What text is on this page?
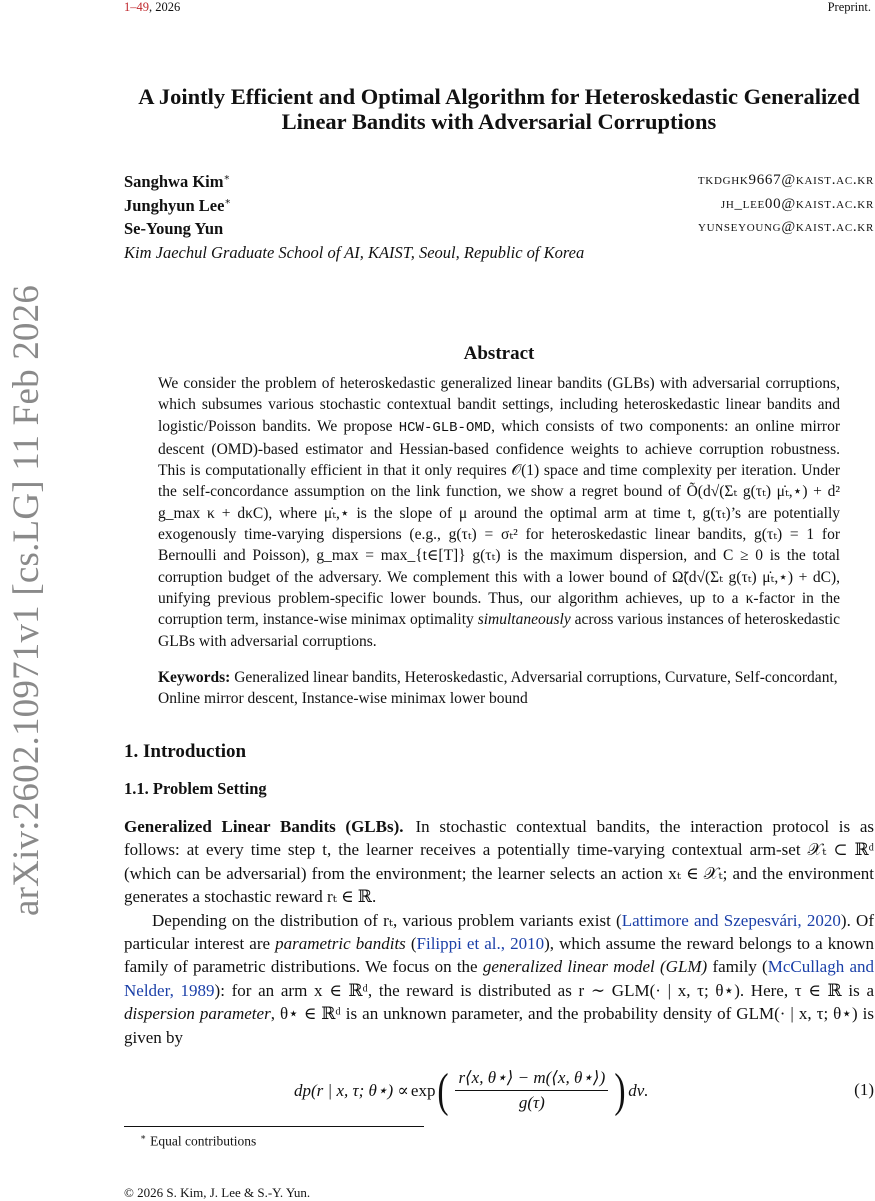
1–49, 2026	Preprint.
arXiv:2602.10971v1 [cs.LG] 11 Feb 2026
A Jointly Efficient and Optimal Algorithm for Heteroskedastic Generalized Linear Bandits with Adversarial Corruptions
Sanghwa Kim∗	tkdghk9667@kaist.ac.kr
Junghyun Lee∗	jh_lee00@kaist.ac.kr
Se-Young Yun	yunseyoung@kaist.ac.kr
Kim Jaechul Graduate School of AI, KAIST, Seoul, Republic of Korea
Abstract
We consider the problem of heteroskedastic generalized linear bandits (GLBs) with adversarial corruptions, which subsumes various stochastic contextual bandit settings, including heteroskedastic linear bandits and logistic/Poisson bandits. We propose HCW-GLB-OMD, which consists of two components: an online mirror descent (OMD)-based estimator and Hessian-based confidence weights to achieve corruption robustness. This is computationally efficient in that it only requires 𝒪(1) space and time complexity per iteration. Under the self-concordance assumption on the link function, we show a regret bound of Õ(d√(Σₜ g(τₜ) μ̇ₜ,⋆) + d² g_max κ + dκC), where μ̇ₜ,⋆ is the slope of μ around the optimal arm at time t, g(τₜ)’s are potentially exogenously time-varying dispersions (e.g., g(τₜ) = σₜ² for heteroskedastic linear bandits, g(τₜ) = 1 for Bernoulli and Poisson), g_max = max_{t∈[T]} g(τₜ) is the maximum dispersion, and C ≥ 0 is the total corruption budget of the adversary. We complement this with a lower bound of Ω̃(d√(Σₜ g(τₜ) μ̇ₜ,⋆) + dC), unifying previous problem-specific lower bounds. Thus, our algorithm achieves, up to a κ-factor in the corruption term, instance-wise minimax optimality simultaneously across various instances of heteroskedastic GLBs with adversarial corruptions.
Keywords: Generalized linear bandits, Heteroskedastic, Adversarial corruptions, Curvature, Self-concordant, Online mirror descent, Instance-wise minimax lower bound
1. Introduction
1.1. Problem Setting

Generalized Linear Bandits (GLBs). In stochastic contextual bandits, the interaction protocol is as follows: at every time step t, the learner receives a potentially time-varying contextual arm-set 𝒳ₜ ⊂ ℝᵈ (which can be adversarial) from the environment; the learner selects an action xₜ ∈ 𝒳ₜ; and the environment generates a stochastic reward rₜ ∈ ℝ.

Depending on the distribution of rₜ, various problem variants exist (Lattimore and Szepesvári, 2020). Of particular interest are parametric bandits (Filippi et al., 2010), which assume the reward belongs to a known family of parametric distributions. We focus on the generalized linear model (GLM) family (McCullagh and Nelder, 1989): for an arm x ∈ ℝᵈ, the reward is distributed as r ∼ GLM(· | x, τ; θ⋆). Here, τ ∈ ℝ is a dispersion parameter, θ⋆ ∈ ℝᵈ is an unknown parameter, and the probability density of GLM(· | x, τ; θ⋆) is given by

dp(r | x, τ; θ⋆) ∝ exp ( $\frac{r⟨x, \theta⋆⟩ - m(⟨x, \theta⋆⟩)}{g(\tau)}$ ) dν.	(1)
∗ Equal contributions
© 2026 S. Kim, J. Lee & S.-Y. Yun.
